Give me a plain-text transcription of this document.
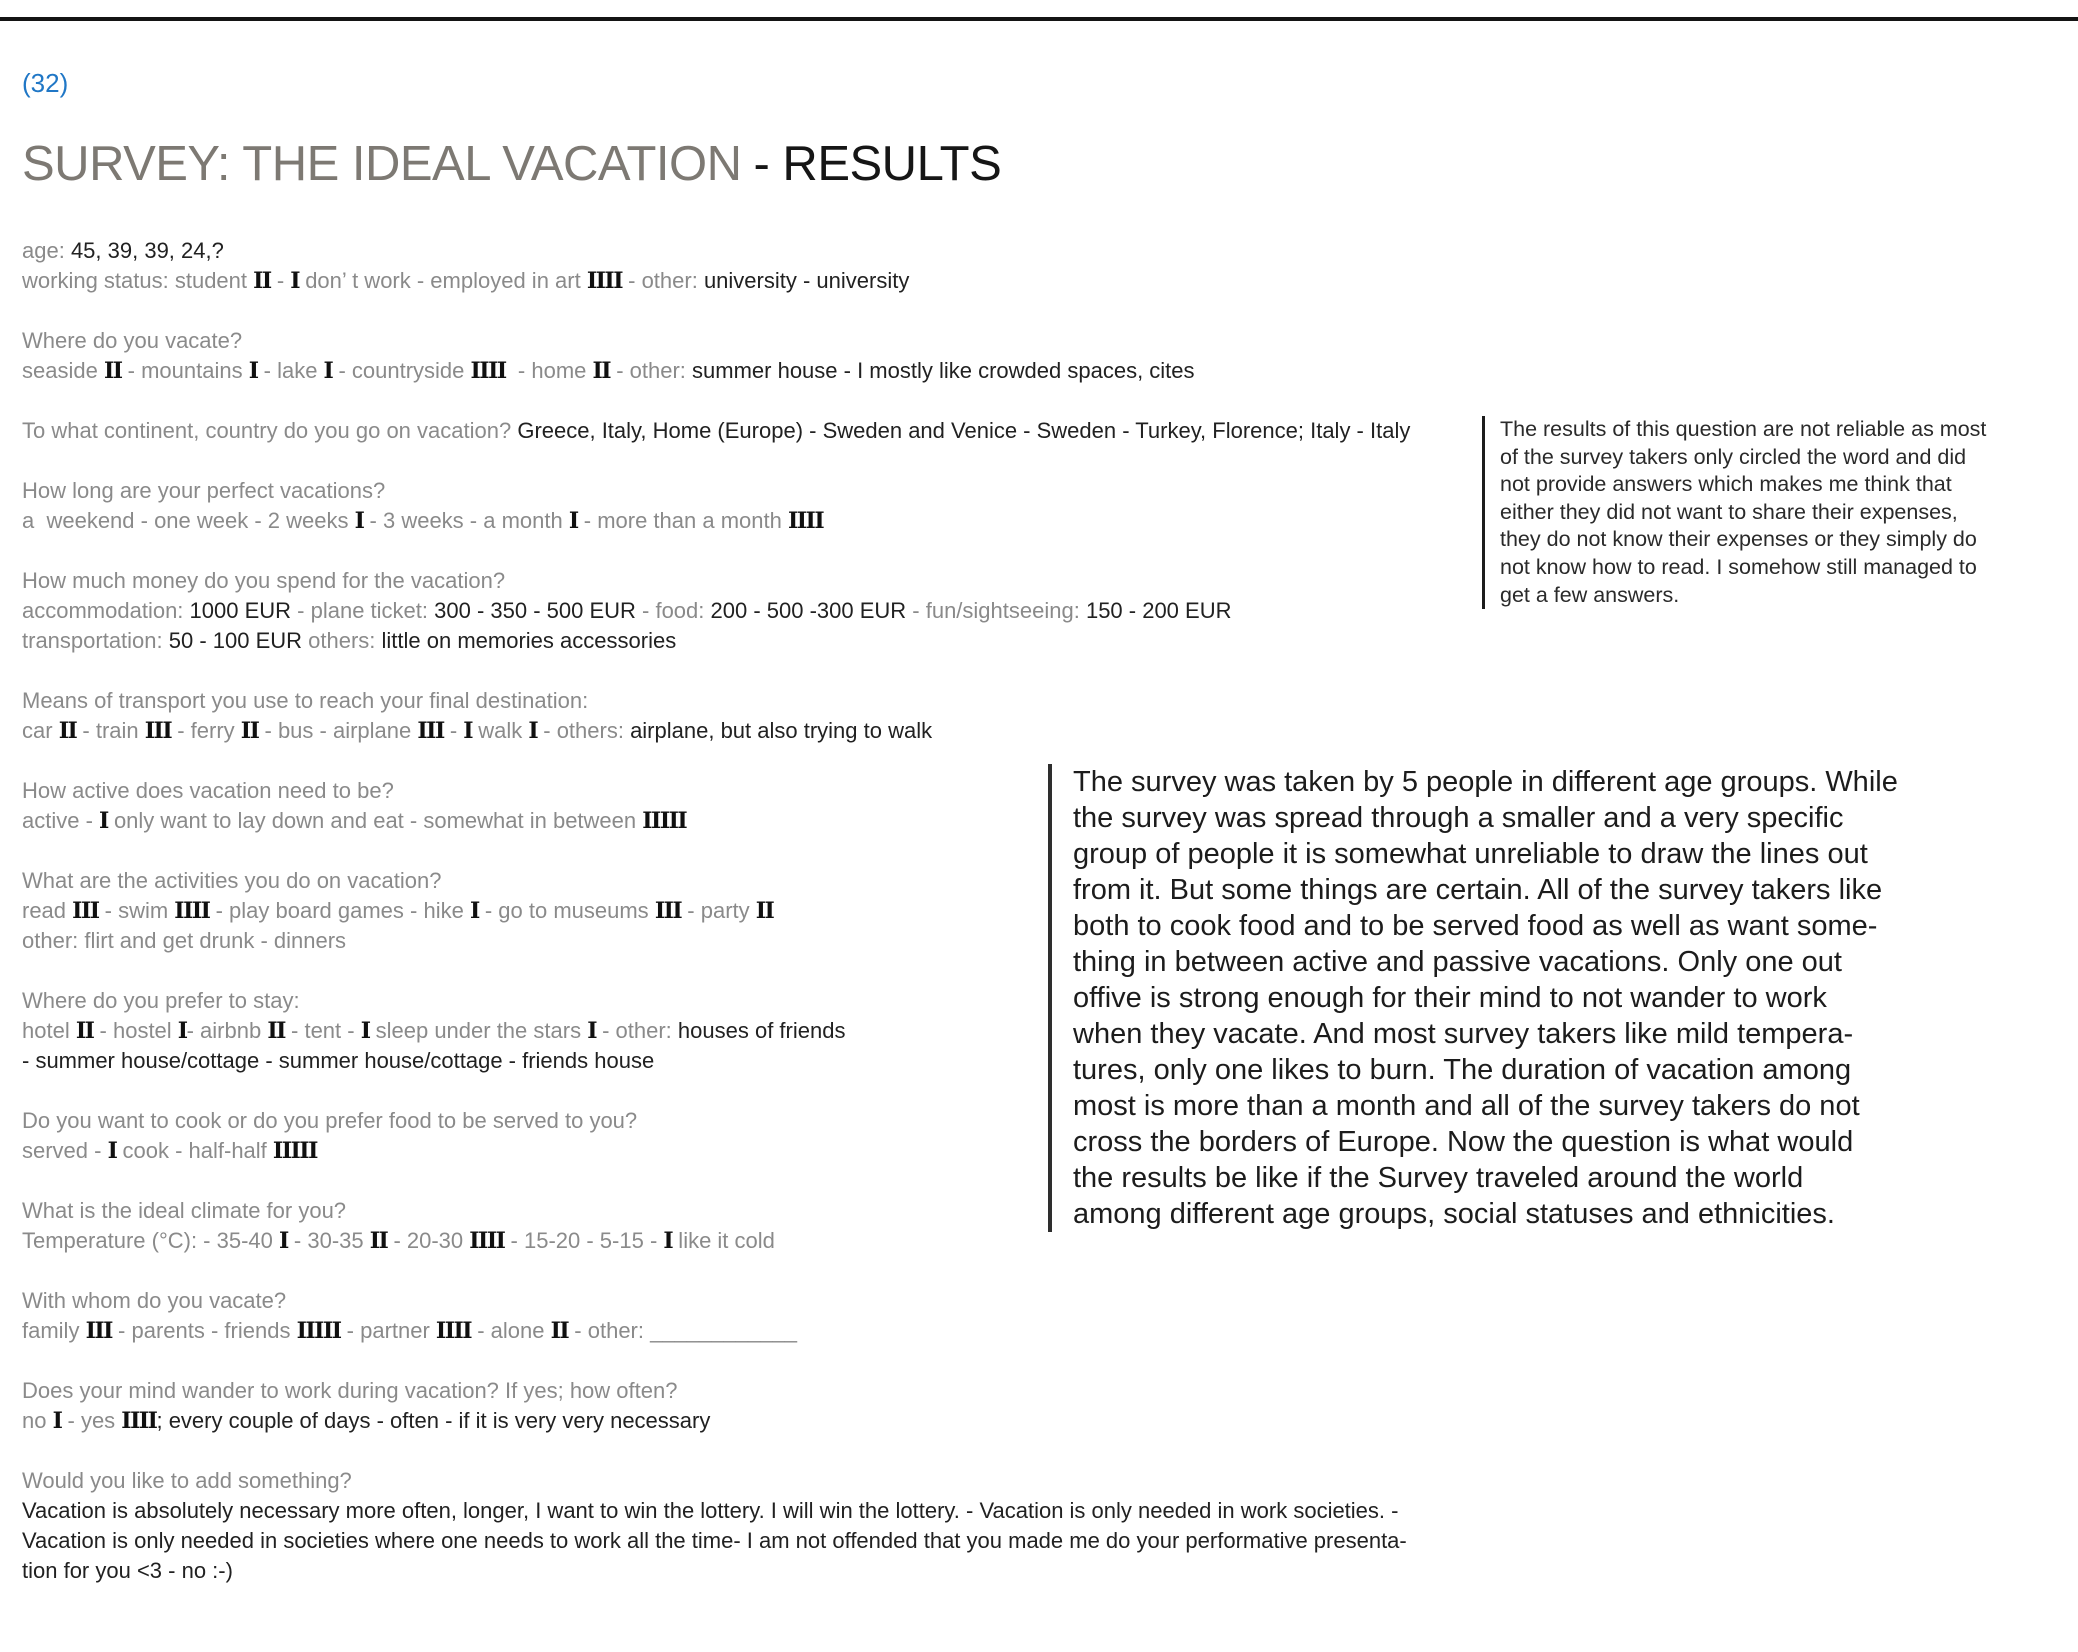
(32)

SURVEY: THE IDEAL VACATION - RESULTS

age: 45, 39, 39, 24,?
working status: student II - I don’ t work - employed in art IIII - other: university - university
Where do you vacate?
seaside II - mountains I - lake I - countryside IIII  - home II - other: summer house - I mostly like crowded spaces, cites
To what continent, country do you go on vacation? Greece, Italy, Home (Europe) - Sweden and Venice - Sweden - Turkey, Florence; Italy - Italy
How long are your perfect vacations?
a  weekend - one week - 2 weeks I - 3 weeks - a month I - more than a month IIII
How much money do you spend for the vacation?
accommodation: 1000 EUR - plane ticket: 300 - 350 - 500 EUR - food: 200 - 500 -300 EUR - fun/sightseeing: 150 - 200 EUR
transportation: 50 - 100 EUR others: little on memories accessories
Means of transport you use to reach your final destination:
car II - train III - ferry II - bus - airplane III - I walk I - others: airplane, but also trying to walk
How active does vacation need to be?
active - I only want to lay down and eat - somewhat in between IIIII
What are the activities you do on vacation?
read III - swim IIII - play board games - hike I - go to museums III - party II
other: flirt and get drunk - dinners
Where do you prefer to stay:
hotel II - hostel I- airbnb II - tent - I sleep under the stars I - other: houses of friends
- summer house/cottage - summer house/cottage - friends house
Do you want to cook or do you prefer food to be served to you?
served - I cook - half-half IIIII
What is the ideal climate for you?
Temperature (°C): - 35-40 I - 30-35 II - 20-30 IIII - 15-20 - 5-15 - I like it cold
With whom do you vacate?
family III - parents - friends IIIII - partner IIII - alone II - other: ____________
Does your mind wander to work during vacation? If yes; how often?
no I - yes IIII; every couple of days - often - if it is very very necessary
Would you like to add something?
Vacation is absolutely necessary more often, longer, I want to win the lottery. I will win the lottery. - Vacation is only needed in work societies. -
Vacation is only needed in societies where one needs to work all the time- I am not offended that you made me do your performative presenta-
tion for you <3 - no :-)

The results of this question are not reliable as most
of the survey takers only circled the word and did
not provide answers which makes me think that
either they did not want to share their expenses,
they do not know their expenses or they simply do
not know how to read. I somehow still managed to
get a few answers.
The survey was taken by 5 people in different age groups. While
the survey was spread through a smaller and a very specific
group of people it is somewhat unreliable to draw the lines out
from it. But some things are certain. All of the survey takers like
both to cook food and to be served food as well as want some-
thing in between active and passive vacations. Only one out
offive is strong enough for their mind to not wander to work
when they vacate. And most survey takers like mild tempera-
tures, only one likes to burn. The duration of vacation among
most is more than a month and all of the survey takers do not
cross the borders of Europe. Now the question is what would
the results be like if the Survey traveled around the world
among different age groups, social statuses and ethnicities.
